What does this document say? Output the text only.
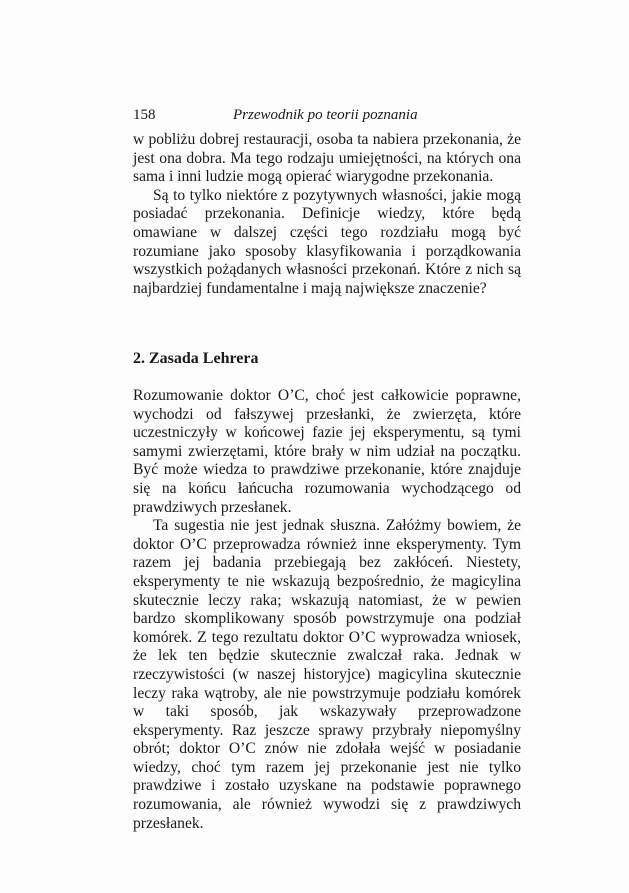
158	Przewodnik po teorii poznania

w pobliżu dobrej restauracji, osoba ta nabiera przekonania, że jest ona dobra. Ma tego rodzaju umiejętności, na których ona sama i inni ludzie mogą opierać wiarygodne przekonania.

Są to tylko niektóre z pozytywnych własności, jakie mogą posiadać przekonania. Definicje wiedzy, które będą omawiane w dalszej części tego rozdziału mogą być rozumiane jako sposoby klasyfikowania i porządkowania wszystkich pożądanych własności przekonań. Które z nich są najbardziej fundamentalne i mają największe znaczenie?

2. Zasada Lehrera

Rozumowanie doktor O’C, choć jest całkowicie poprawne, wychodzi od fałszywej przesłanki, że zwierzęta, które uczestniczyły w końcowej fazie jej eksperymentu, są tymi samymi zwierzętami, które brały w nim udział na początku. Być może wiedza to prawdziwe przekonanie, które znajduje się na końcu łańcucha rozumowania wychodzącego od prawdziwych przesłanek.

Ta sugestia nie jest jednak słuszna. Załóżmy bowiem, że doktor O’C przeprowadza również inne eksperymenty. Tym razem jej badania przebiegają bez zakłóceń. Niestety, eksperymenty te nie wskazują bezpośrednio, że magicylina skutecznie leczy raka; wskazują natomiast, że w pewien bardzo skomplikowany sposób powstrzymuje ona podział komórek. Z tego rezultatu doktor O’C wyprowadza wniosek, że lek ten będzie skutecznie zwalczał raka. Jednak w rzeczywistości (w naszej historyjce) magicylina skutecznie leczy raka wątroby, ale nie powstrzymuje podziału komórek w taki sposób, jak wskazywały przeprowadzone eksperymenty. Raz jeszcze sprawy przybrały niepomyślny obrót; doktor O’C znów nie zdołała wejść w posiadanie wiedzy, choć tym razem jej przekonanie jest nie tylko prawdziwe i zostało uzyskane na podstawie poprawnego rozumowania, ale również wywodzi się z prawdziwych przesłanek.
